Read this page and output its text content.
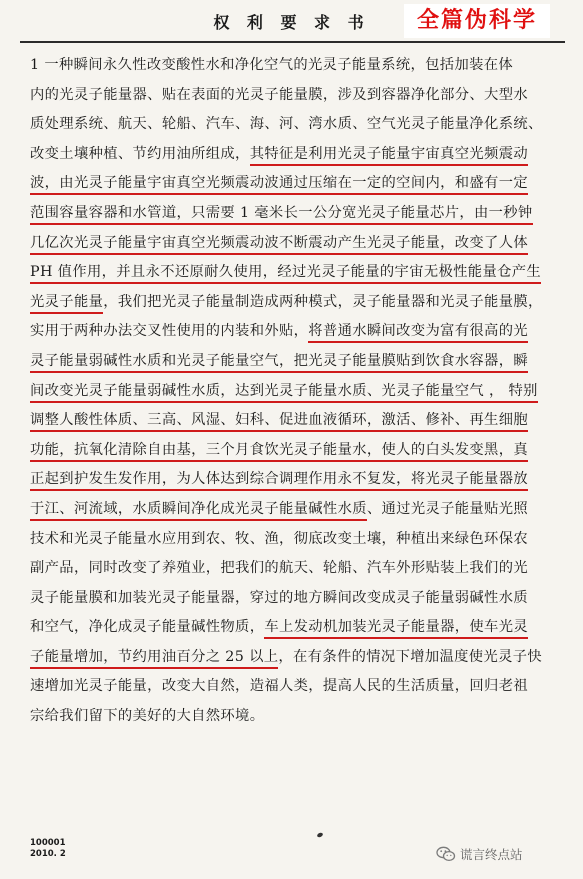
权 利 要 求 书	全篇伪科学
1 一种瞬间永久性改变酸性水和净化空气的光灵子能量系统，包括加装在体
内的光灵子能量器、贴在表面的光灵子能量膜，涉及到容器净化部分、大型水
质处理系统、航天、轮船、汽车、海、河、湾水质、空气光灵子能量净化系统、
改变土壤种植、节约用油所组成，其特征是利用光灵子能量宇宙真空光频震动
波，由光灵子能量宇宙真空光频震动波通过压缩在一定的空间内，和盛有一定
范围容量容器和水管道，只需要 1 毫米长一公分宽光灵子能量芯片，由一秒钟
几亿次光灵子能量宇宙真空光频震动波不断震动产生光灵子能量，改变了人体
PH 值作用，并且永不还原耐久使用，经过光灵子能量的宇宙无极性能量仓产生
光灵子能量，我们把光灵子能量制造成两种模式，灵子能量器和光灵子能量膜，
实用于两种办法交叉性使用的内装和外贴，将普通水瞬间改变为富有很高的光
灵子能量弱碱性水质和光灵子能量空气，把光灵子能量膜贴到饮食水容器，瞬
间改变光灵子能量弱碱性水质，达到光灵子能量水质、光灵子能量空气 ， 特别
调整人酸性体质、三高、风湿、妇科、促进血液循环，激活、修补、再生细胞
功能，抗氧化清除自由基，三个月食饮光灵子能量水，使人的白头发变黑，真
正起到护发生发作用，为人体达到综合调理作用永不复发，将光灵子能量器放
于江、河流域，水质瞬间净化成光灵子能量碱性水质、通过光灵子能量贴光照
技术和光灵子能量水应用到农、牧、渔，彻底改变土壤，种植出来绿色环保农
副产品，同时改变了养殖业，把我们的航天、轮船、汽车外形贴装上我们的光
灵子能量膜和加装光灵子能量器，穿过的地方瞬间改变成灵子能量弱碱性水质
和空气，净化成灵子能量碱性物质，车上发动机加装光灵子能量器，使车光灵
子能量增加，节约用油百分之 25 以上，在有条件的情况下增加温度使光灵子快
速增加光灵子能量，改变大自然，造福人类，提高人民的生活质量，回归老祖
宗给我们留下的美好的大自然环境。
100001
2010. 2	谎言终点站
